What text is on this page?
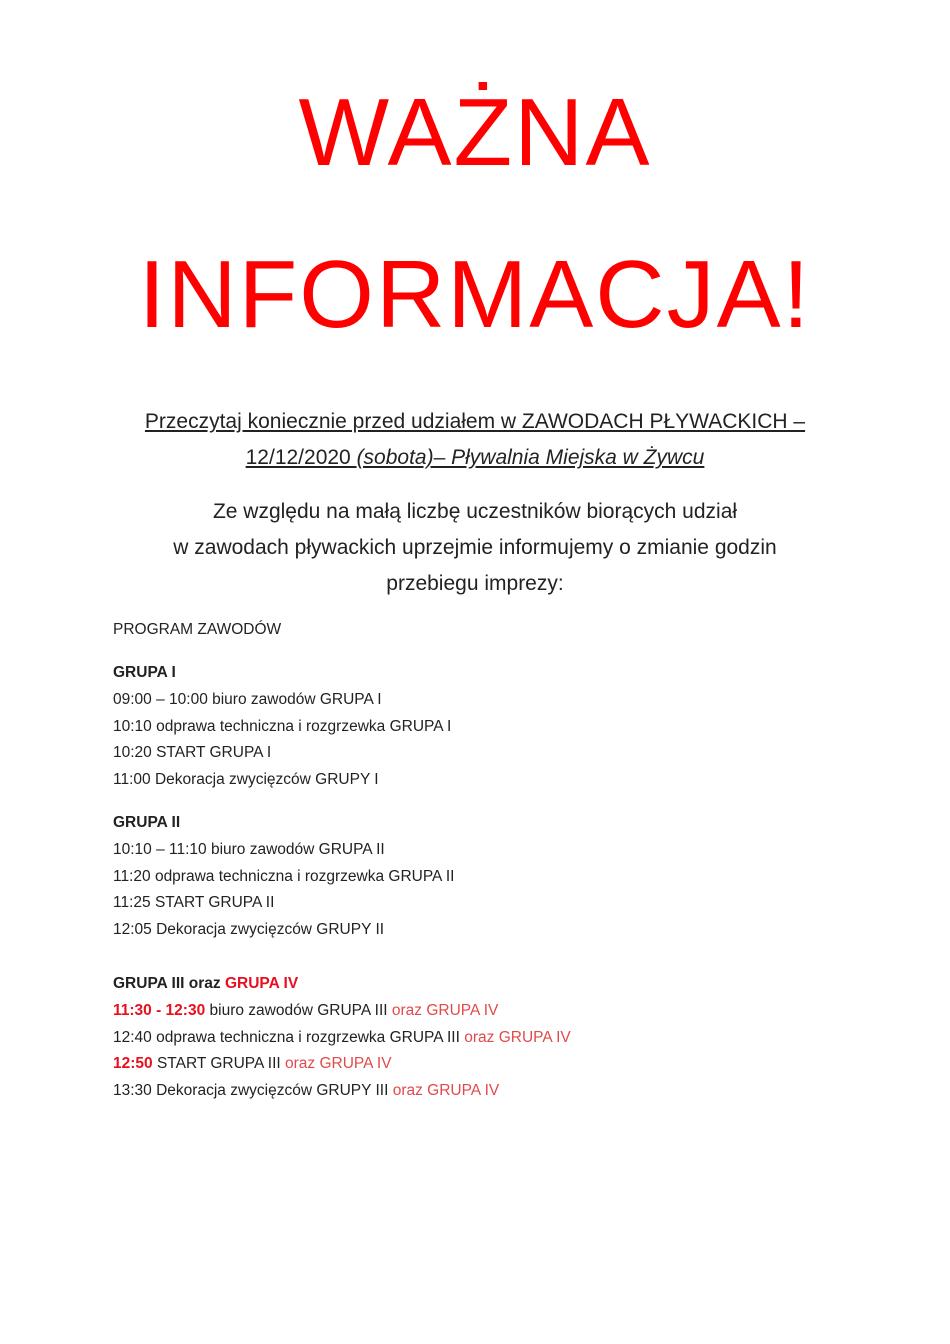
WAŻNA
INFORMACJA!
Przeczytaj koniecznie przed udziałem w ZAWODACH PŁYWACKICH –
12/12/2020 (sobota)– Pływalnia Miejska w Żywcu
Ze względu na małą liczbę uczestników biorących udział
w zawodach pływackich uprzejmie informujemy o zmianie godzin
przebiegu imprezy:
PROGRAM ZAWODÓW
GRUPA I
09:00 – 10:00 biuro zawodów GRUPA I
10:10 odprawa techniczna i rozgrzewka GRUPA I
10:20 START GRUPA I
11:00 Dekoracja zwycięzców GRUPY I
GRUPA II
10:10 – 11:10 biuro zawodów GRUPA II
11:20 odprawa techniczna i rozgrzewka GRUPA II
11:25 START GRUPA II
12:05 Dekoracja zwycięzców GRUPY II
GRUPA III oraz GRUPA IV
11:30 - 12:30 biuro zawodów GRUPA III oraz GRUPA IV
12:40 odprawa techniczna i rozgrzewka GRUPA III oraz GRUPA IV
12:50 START GRUPA III oraz GRUPA IV
13:30 Dekoracja zwycięzców GRUPY III oraz GRUPA IV
